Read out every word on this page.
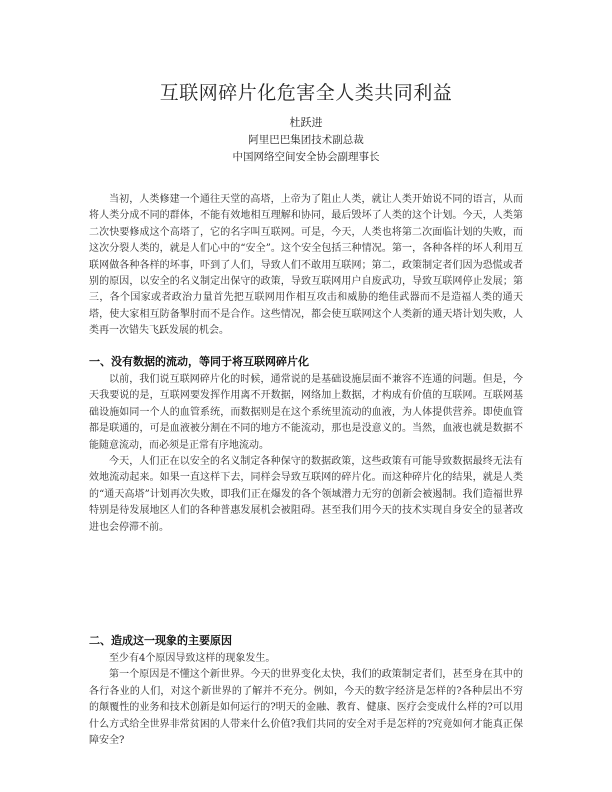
互联网碎片化危害全人类共同利益
杜跃进
阿里巴巴集团技术副总裁
中国网络空间安全协会副理事长

当初，人类修建一个通往天堂的高塔，上帝为了阻止人类，就让人类开始说不同的语言，从而将人类分成不同的群体，不能有效地相互理解和协同，最后毁坏了人类的这个计划。今天，人类第二次快要修成这个高塔了，它的名字叫互联网。可是，今天，人类也将第二次面临计划的失败，而这次分裂人类的，就是人们心中的“安全”。这个安全包括三种情况。第一，各种各样的坏人利用互联网做各种各样的坏事，吓到了人们，导致人们不敢用互联网；第二，政策制定者们因为恐慌或者别的原因，以安全的名义制定出保守的政策，导致互联网用户自废武功，导致互联网停止发展；第三，各个国家或者政治力量首先把互联网用作相互攻击和威胁的绝佳武器而不是造福人类的通天塔，使大家相互防备掣肘而不是合作。这些情况，都会使互联网这个人类新的通天塔计划失败，人类再一次错失飞跃发展的机会。

一、没有数据的流动，等同于将互联网碎片化

以前，我们说互联网碎片化的时候，通常说的是基础设施层面不兼容不连通的问题。但是，今天我要说的是，互联网要发挥作用离不开数据，网络加上数据，才构成有价值的互联网。互联网基础设施如同一个人的血管系统，而数据则是在这个系统里流动的血液，为人体提供营养。即使血管都是联通的，可是血液被分割在不同的地方不能流动，那也是没意义的。当然，血液也就是数据不能随意流动，而必须是正常有序地流动。

今天，人们正在以安全的名义制定各种保守的数据政策，这些政策有可能导致数据最终无法有效地流动起来。如果一直这样下去，同样会导致互联网的碎片化。而这种碎片化的结果，就是人类的“通天高塔”计划再次失败，即我们正在爆发的各个领域潜力无穷的创新会被遏制。我们造福世界特别是待发展地区人们的各种普惠发展机会被阻碍。甚至我们用今天的技术实现自身安全的显著改进也会停滞不前。

二、造成这一现象的主要原因

至少有4个原因导致这样的现象发生。

第一个原因是不懂这个新世界。今天的世界变化太快，我们的政策制定者们，甚至身在其中的各行各业的人们，对这个新世界的了解并不充分。例如，今天的数字经济是怎样的?各种层出不穷的颠覆性的业务和技术创新是如何运行的?明天的金融、教育、健康、医疗会变成什么样的?可以用什么方式给全世界非常贫困的人带来什么价值?我们共同的安全对手是怎样的?究竟如何才能真正保障安全?
